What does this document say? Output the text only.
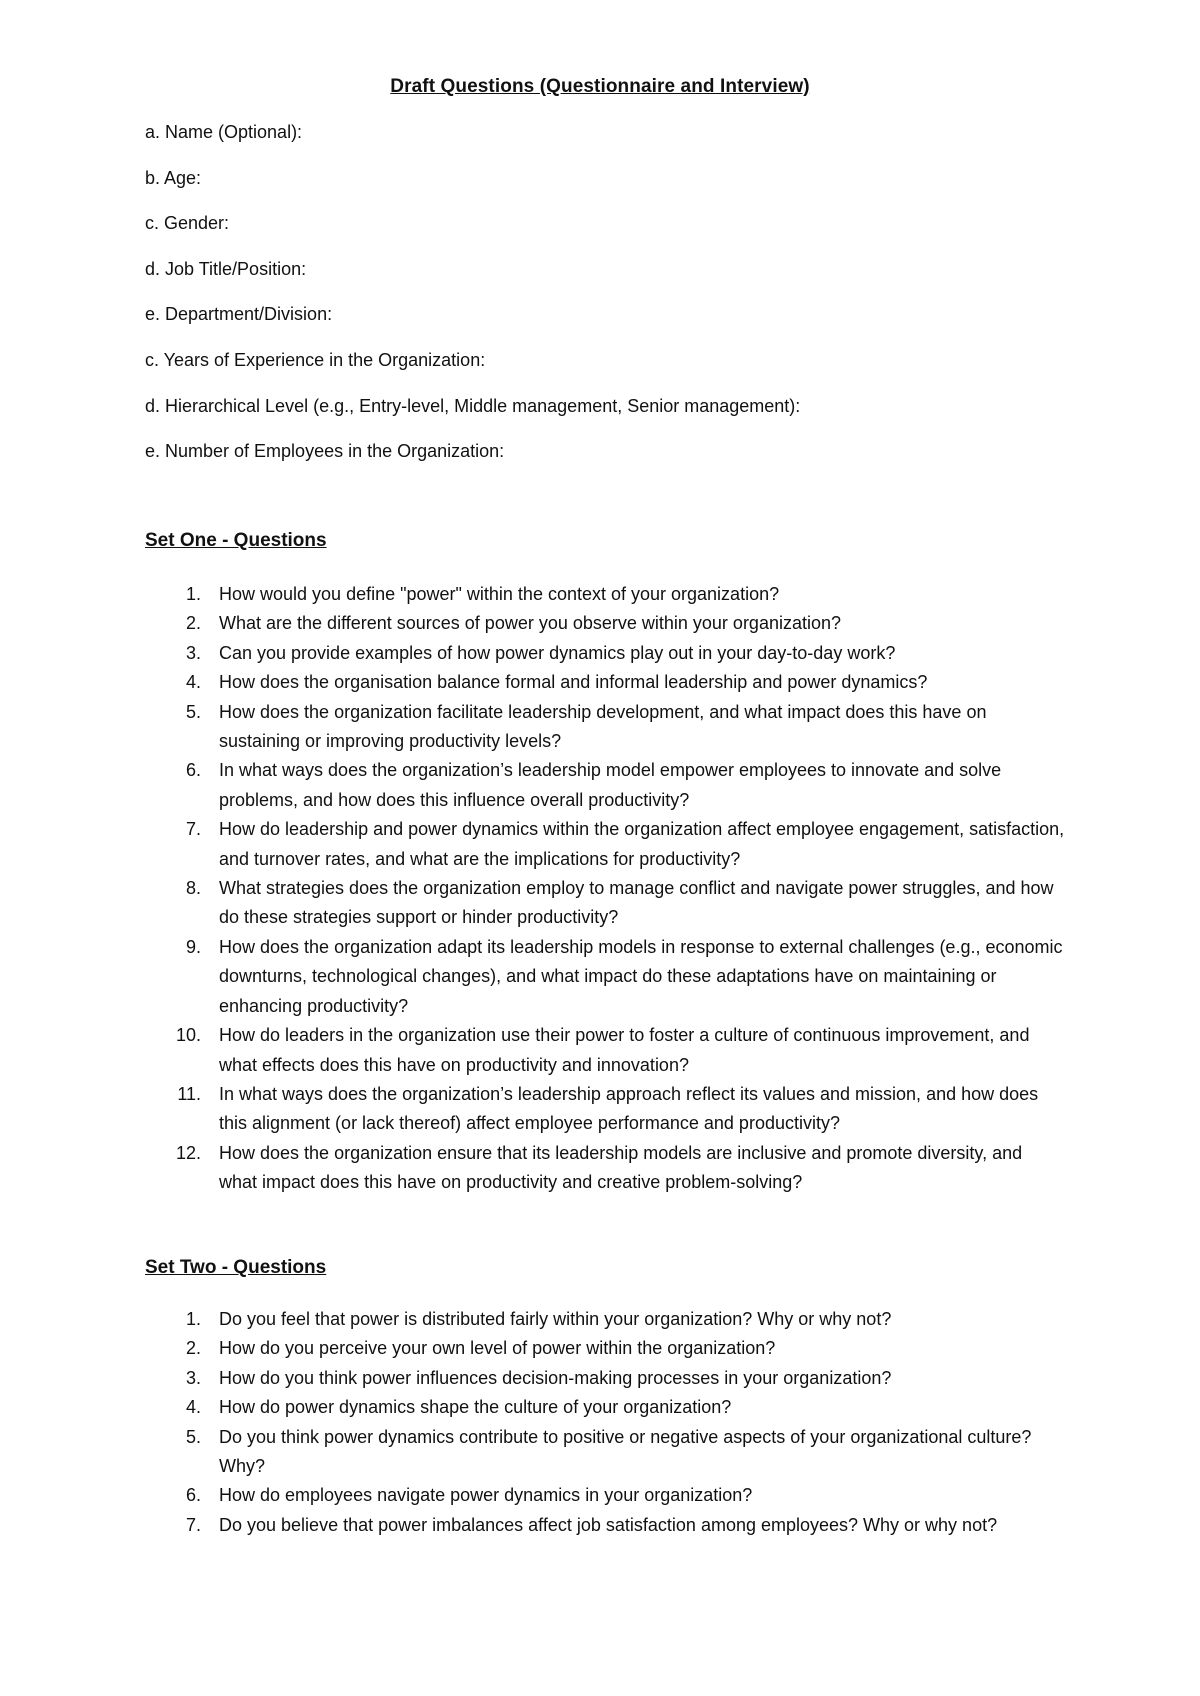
Draft Questions (Questionnaire and Interview)
a. Name (Optional):
b. Age:
c. Gender:
d. Job Title/Position:
e. Department/Division:
c. Years of Experience in the Organization:
d. Hierarchical Level (e.g., Entry-level, Middle management, Senior management):
e. Number of Employees in the Organization:
Set One - Questions
1. How would you define "power" within the context of your organization?
2. What are the different sources of power you observe within your organization?
3. Can you provide examples of how power dynamics play out in your day-to-day work?
4. How does the organisation balance formal and informal leadership and power dynamics?
5. How does the organization facilitate leadership development, and what impact does this have on sustaining or improving productivity levels?
6. In what ways does the organization’s leadership model empower employees to innovate and solve problems, and how does this influence overall productivity?
7. How do leadership and power dynamics within the organization affect employee engagement, satisfaction, and turnover rates, and what are the implications for productivity?
8. What strategies does the organization employ to manage conflict and navigate power struggles, and how do these strategies support or hinder productivity?
9. How does the organization adapt its leadership models in response to external challenges (e.g., economic downturns, technological changes), and what impact do these adaptations have on maintaining or enhancing productivity?
10. How do leaders in the organization use their power to foster a culture of continuous improvement, and what effects does this have on productivity and innovation?
11. In what ways does the organization’s leadership approach reflect its values and mission, and how does this alignment (or lack thereof) affect employee performance and productivity?
12. How does the organization ensure that its leadership models are inclusive and promote diversity, and what impact does this have on productivity and creative problem-solving?
Set Two - Questions
1. Do you feel that power is distributed fairly within your organization? Why or why not?
2. How do you perceive your own level of power within the organization?
3. How do you think power influences decision-making processes in your organization?
4. How do power dynamics shape the culture of your organization?
5. Do you think power dynamics contribute to positive or negative aspects of your organizational culture? Why?
6. How do employees navigate power dynamics in your organization?
7. Do you believe that power imbalances affect job satisfaction among employees? Why or why not?
